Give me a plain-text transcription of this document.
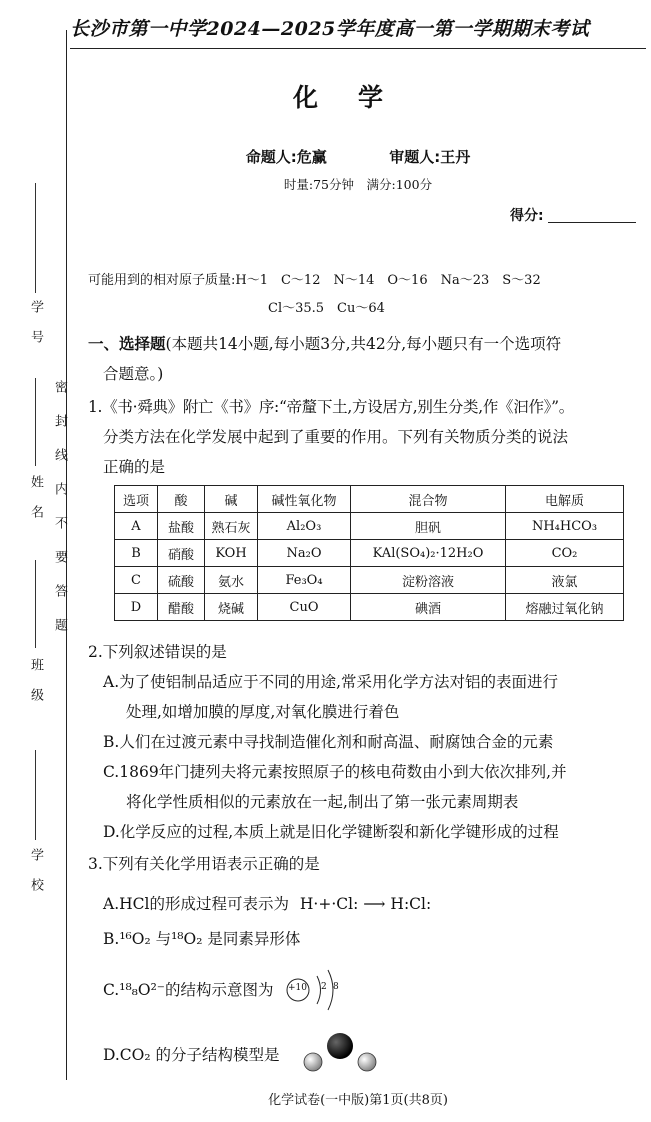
学　号
姓　名
班　级
学　校
密　封　线　内　不　要　答　题
长沙市第一中学2024—2025学年度高一第一学期期末考试
化学
命题人:危赢	审题人:王丹
时量:75分钟　满分:100分
得分:
可能用到的相对原子质量:H～1　C～12　N～14　O～16　Na～23　S～32
Cl～35.5　Cu～64
一、选择题(本题共14小题,每小题3分,共42分,每小题只有一个选项符
合题意。)
1.《书·舜典》附亡《书》序:“帝釐下土,方设居方,别生分类,作《汩作》”。
分类方法在化学发展中起到了重要的作用。下列有关物质分类的说法
正确的是
选项	酸	碱	碱性氧化物	混合物	电解质
A	盐酸	熟石灰	Al₂O₃	胆矾	NH₄HCO₃
B	硝酸	KOH	Na₂O	KAl(SO₄)₂·12H₂O	CO₂
C	硫酸	氨水	Fe₃O₄	淀粉溶液	液氯
D	醋酸	烧碱	CuO	碘酒	熔融过氧化钠
2.下列叙述错误的是
A.为了使铝制品适应于不同的用途,常采用化学方法对铝的表面进行
处理,如增加膜的厚度,对氧化膜进行着色
B.人们在过渡元素中寻找制造催化剂和耐高温、耐腐蚀合金的元素
C.1869年门捷列夫将元素按照原子的核电荷数由小到大依次排列,并
将化学性质相似的元素放在一起,制出了第一张元素周期表
D.化学反应的过程,本质上就是旧化学键断裂和新化学键形成的过程
3.下列有关化学用语表示正确的是
A.HCl的形成过程可表示为 H·+·Cl: ⟶ H:Cl:
B.¹⁶O₂ 与¹⁸O₂ 是同素异形体
C.¹⁸₈O²⁻的结构示意图为 +10 2 8
D.CO₂ 的分子结构模型是
化学试卷(一中版)第1页(共8页)
